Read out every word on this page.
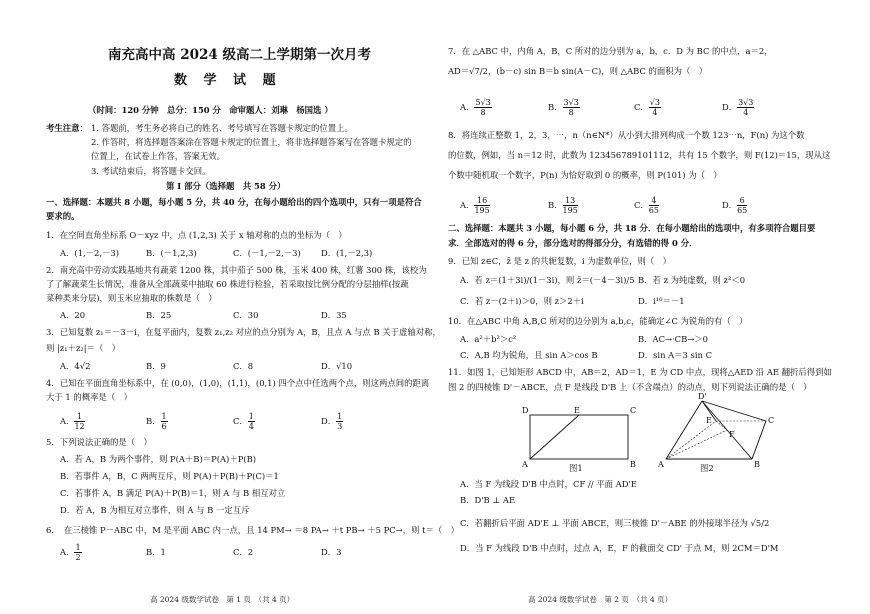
南充高中高 2024 级高二上学期第一次月考
数 学 试 题
（时间：120 分钟　总分：150 分　命审题人：刘琳　杨国选 ）
考生注意： 1. 答题前，考生务必将自己的姓名、考号填写在答题卡规定的位置上。
2. 作答时，将选择题答案涂在答题卡规定的位置上，将非选择题答案写在答题卡规定的
位置上，在试卷上作答，答案无效。
3. 考试结束后，将答题卡交回。
第 I 部分（选择题　共 58 分）
一、选择题：本题共 8 小题，每小题 5 分，共 40 分，在每小题给出的四个选项中，只有一项是符合
要求的。
1．在空间直角坐标系 O－xyz 中，点 (1,2,3) 关于 x 轴对称的点的坐标为（　）
A．(1,－2,－3)	B．(－1,2,3)	C．(－1,－2,－3) D．(1,－2,3)
2．南充高中劳动实践基地共有蔬菜 1200 株，其中茄子 500 株，玉米 400 株，红薯 300 株，该校为
了了解蔬菜生长情况，准备从全部蔬菜中抽取 60 株进行检验，若采取按比例分配的分层抽样(按蔬
菜种类来分层)，则玉米应抽取的株数是（　）
A．20	B．25	C．30	D．35
3．已知复数 z₁＝－3－i，在复平面内，复数 z₁,z₂ 对应的点分别为 A，B，且点 A 与点 B 关于虚轴对称，
则 |z₁＋z₂|＝（　）
A．4√2	B．9	C．8	D．√10
4．已知在平面直角坐标系中，在 (0,0)，(1,0)，(1,1)，(0,1) 四个点中任选两个点，则这两点间的距离
大于 1 的概率是（　）
A． $\frac{1}{12}$	B． $\frac{1}{6}$	C． $\frac{1}{4}$	D． $\frac{1}{3}$
5．下列说法正确的是（　）
A．若 A，B 为两个事件，则 P(A＋B)＝P(A)＋P(B)
B．若事件 A，B，C 两两互斥，则 P(A)＋P(B)＋P(C)＝1
C．若事件 A，B 满足 P(A)＋P(B)＝1，则 A 与 B 相互对立
D．若 A，B 为相互对立事件，则 A 与 B 一定互斥
6．　在三棱锥 P－ABC 中，M 是平面 ABC 内一点，且 14 PM→ ＝8 PA→ ＋t PB→ ＋5 PC→，则 t＝（　）
A． $\frac{1}{2}$	B．1	C．2	D．3
高 2024 级数学试卷　第 1 页　（共 4 页）
7．在 △ABC 中，内角 A，B，C 所对的边分别为 a，b，c．D 为 BC 的中点，a＝2，
AD＝√7/2，(b－c) sin B＝b sin(A－C)，则 △ABC 的面积为（　）
A． $\frac{5√3}{8}$	B． $\frac{3√3}{8}$	C． $\frac{√3}{4}$	D． $\frac{3√3}{4}$
8．将连续正整数 1，2，3，⋯，n（n∈N*）从小到大排列构成一个数 123⋯n，F(n) 为这个数
的位数，例如，当 n＝12 时，此数为 123456789101112，共有 15 个数字，则 F(12)＝15，现从这
个数中随机取一个数字，P(n) 为恰好取到 0 的概率，则 P(101) 为（　）
A． $\frac{16}{195}$	B． $\frac{13}{195}$	C． $\frac{4}{65}$	D． $\frac{6}{65}$
二、选择题：本题共 3 小题，每小题 6 分，共 18 分．在每小题给出的选项中，有多项符合题目要
求．全部选对的得 6 分，部分选对的得部分分，有选错的得 0 分．
9．已知 z∈C，z̄ 是 z 的共轭复数，i 为虚数单位，则（　）
A．若 z＝(1＋3i)/(1－3i)，则 z̄＝(－4－3i)/5 B．若 z 为纯虚数，则 z²＜0
C．若 z－(2＋i)＞0，则 z＞2＋i	D．i¹⁰＝－1
10．在△ABC 中角 A,B,C 所对的边分别为 a,b,c，能确定∠C 为锐角的有（　）
A．a²＋b²＞c²	B．AC→·CB→＞0
C．A,B 均为锐角，且 sin A＞cos B	D．sin A＝3 sin C
11．如图 1，已知矩形 ABCD 中，AB＝2，AD＝1，E 为 CD 中点，现将△AED 沿 AE 翻折后得到如
图 2 的四棱锥 D'－ABCE，点 F 是线段 D'B 上（不含端点）的动点，则下列说法正确的是（　）
D	E	C
A	B
图1
D'
E	C
F
A	B
图2
A．当 F 为线段 D'B 中点时，CF // 平面 AD'E
B．D'B ⊥ AE
C．若翻折后平面 AD'E ⊥ 平面 ABCE，则三棱锥 D'－ABE 的外接球半径为 √5/2
D．当 F 为线段 D'B 中点时，过点 A，E，F 的截面交 CD' 于点 M，则 2CM＝D'M
高 2024 级数学试卷　第 2 页　（共 4 页）
